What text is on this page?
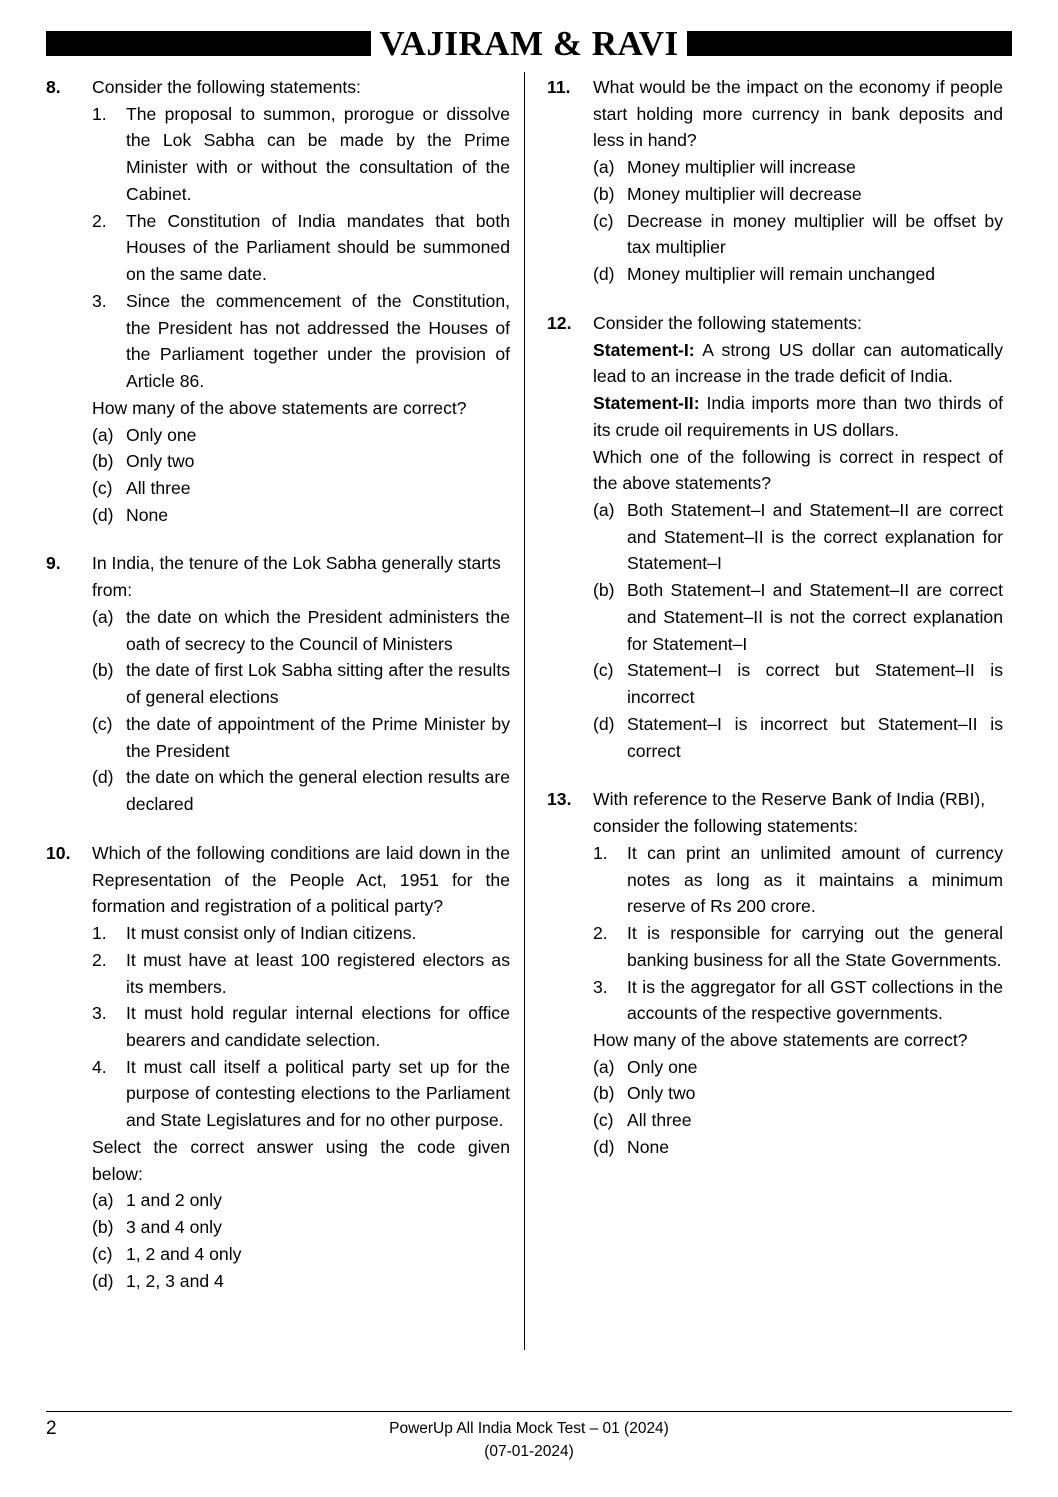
VAJIRAM & RAVI
8.	Consider the following statements:
1.	The proposal to summon, prorogue or dissolve the Lok Sabha can be made by the Prime Minister with or without the consultation of the Cabinet.
2.	The Constitution of India mandates that both Houses of the Parliament should be summoned on the same date.
3.	Since the commencement of the Constitution, the President has not addressed the Houses of the Parliament together under the provision of Article 86.
How many of the above statements are correct?
(a) Only one
(b) Only two
(c) All three
(d) None
9.	In India, the tenure of the Lok Sabha generally starts from:
(a) the date on which the President administers the oath of secrecy to the Council of Ministers
(b) the date of first Lok Sabha sitting after the results of general elections
(c) the date of appointment of the Prime Minister by the President
(d) the date on which the general election results are declared
10.	Which of the following conditions are laid down in the Representation of the People Act, 1951 for the formation and registration of a political party?
1.	It must consist only of Indian citizens.
2.	It must have at least 100 registered electors as its members.
3.	It must hold regular internal elections for office bearers and candidate selection.
4.	It must call itself a political party set up for the purpose of contesting elections to the Parliament and State Legislatures and for no other purpose.
Select the correct answer using the code given below:
(a) 1 and 2 only
(b) 3 and 4 only
(c) 1, 2 and 4 only
(d) 1, 2, 3 and 4
11.	What would be the impact on the economy if people start holding more currency in bank deposits and less in hand?
(a) Money multiplier will increase
(b) Money multiplier will decrease
(c) Decrease in money multiplier will be offset by tax multiplier
(d) Money multiplier will remain unchanged
12.	Consider the following statements:
Statement-I: A strong US dollar can automatically lead to an increase in the trade deficit of India.
Statement-II: India imports more than two thirds of its crude oil requirements in US dollars.
Which one of the following is correct in respect of the above statements?
(a) Both Statement–I and Statement–II are correct and Statement–II is the correct explanation for Statement–I
(b) Both Statement–I and Statement–II are correct and Statement–II is not the correct explanation for Statement–I
(c) Statement–I is correct but Statement–II is incorrect
(d) Statement–I is incorrect but Statement–II is correct
13.	With reference to the Reserve Bank of India (RBI), consider the following statements:
1.	It can print an unlimited amount of currency notes as long as it maintains a minimum reserve of Rs 200 crore.
2.	It is responsible for carrying out the general banking business for all the State Governments.
3.	It is the aggregator for all GST collections in the accounts of the respective governments.
How many of the above statements are correct?
(a) Only one
(b) Only two
(c) All three
(d) None
2	PowerUp All India Mock Test – 01 (2024)
(07-01-2024)
